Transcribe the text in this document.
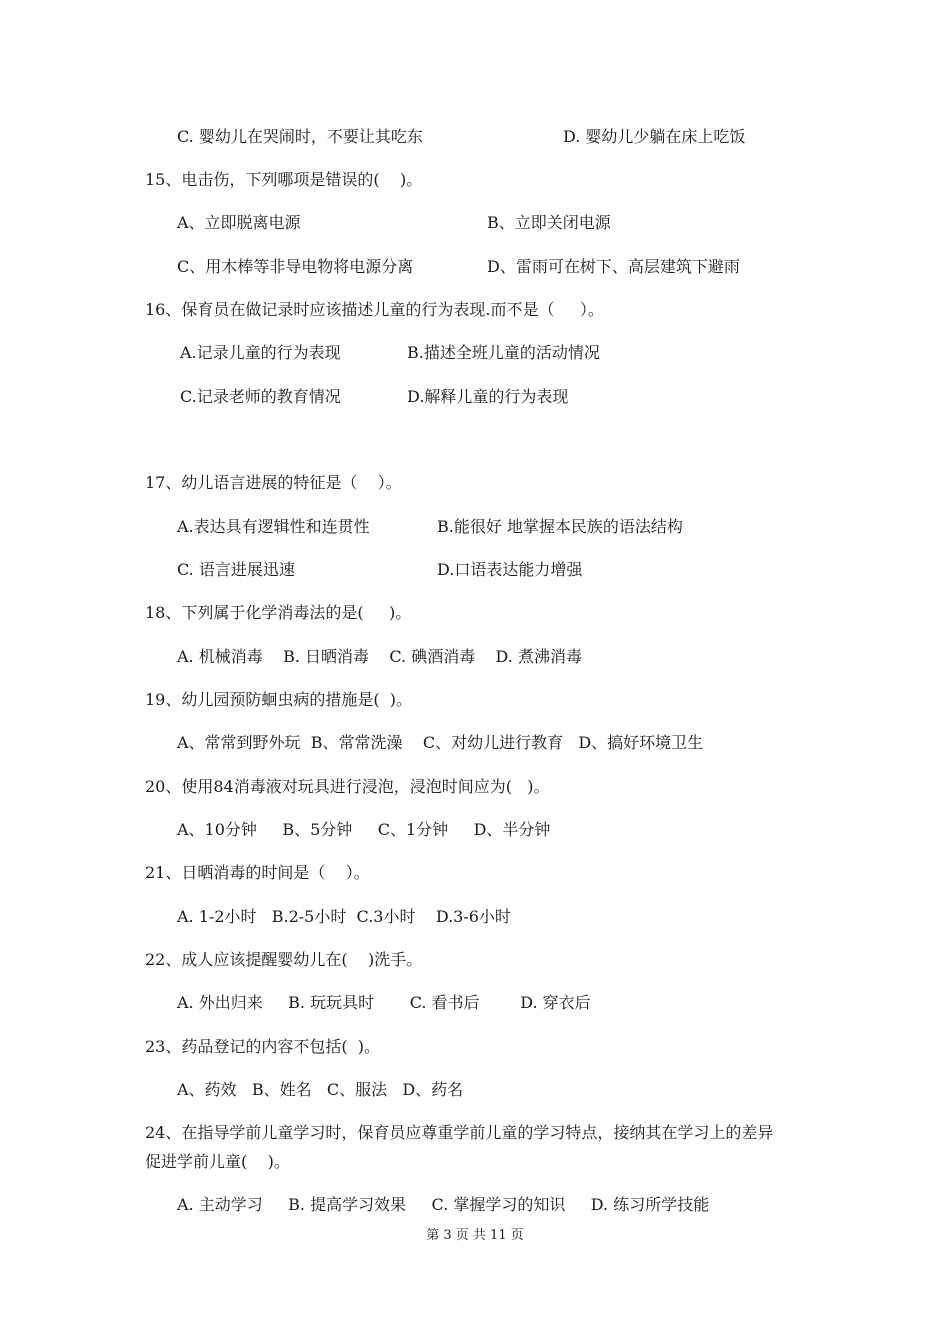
C. 婴幼儿在哭闹时，不要让其吃东	D. 婴幼儿少躺在床上吃饭
15、电击伤，下列哪项是错误的(    )。
A、立即脱离电源	B、立即关闭电源
C、用木棒等非导电物将电源分离	D、雷雨可在树下、高层建筑下避雨
16、保育员在做记录时应该描述儿童的行为表现.而不是（     ）。
A.记录儿童的行为表现	B.描述全班儿童的活动情况
C.记录老师的教育情况	D.解释儿童的行为表现
17、幼儿语言进展的特征是（    ）。
A.表达具有逻辑性和连贯性	B.能很好 地掌握本民族的语法结构
C. 语言进展迅速	D.口语表达能力增强
18、下列属于化学消毒法的是(     )。
A. 机械消毒    B. 日晒消毒    C. 碘酒消毒    D. 煮沸消毒
19、幼儿园预防蛔虫病的措施是(  )。
A、常常到野外玩  B、常常洗澡    C、对幼儿进行教育   D、搞好环境卫生
20、使用84消毒液对玩具进行浸泡，浸泡时间应为(   )。
A、10分钟     B、5分钟     C、1分钟     D、半分钟
21、日晒消毒的时间是（    ）。
A. 1-2小时   B.2-5小时  C.3小时    D.3-6小时
22、成人应该提醒婴幼儿在(    )洗手。
A. 外出归来     B. 玩玩具时       C. 看书后        D. 穿衣后
23、药品登记的内容不包括(  )。
A、药效   B、姓名   C、服法   D、药名
24、在指导学前儿童学习时，保育员应尊重学前儿童的学习特点，接纳其在学习上的差异
促进学前儿童(    )。
A. 主动学习     B. 提高学习效果     C. 掌握学习的知识     D. 练习所学技能
第 3 页 共 11 页
